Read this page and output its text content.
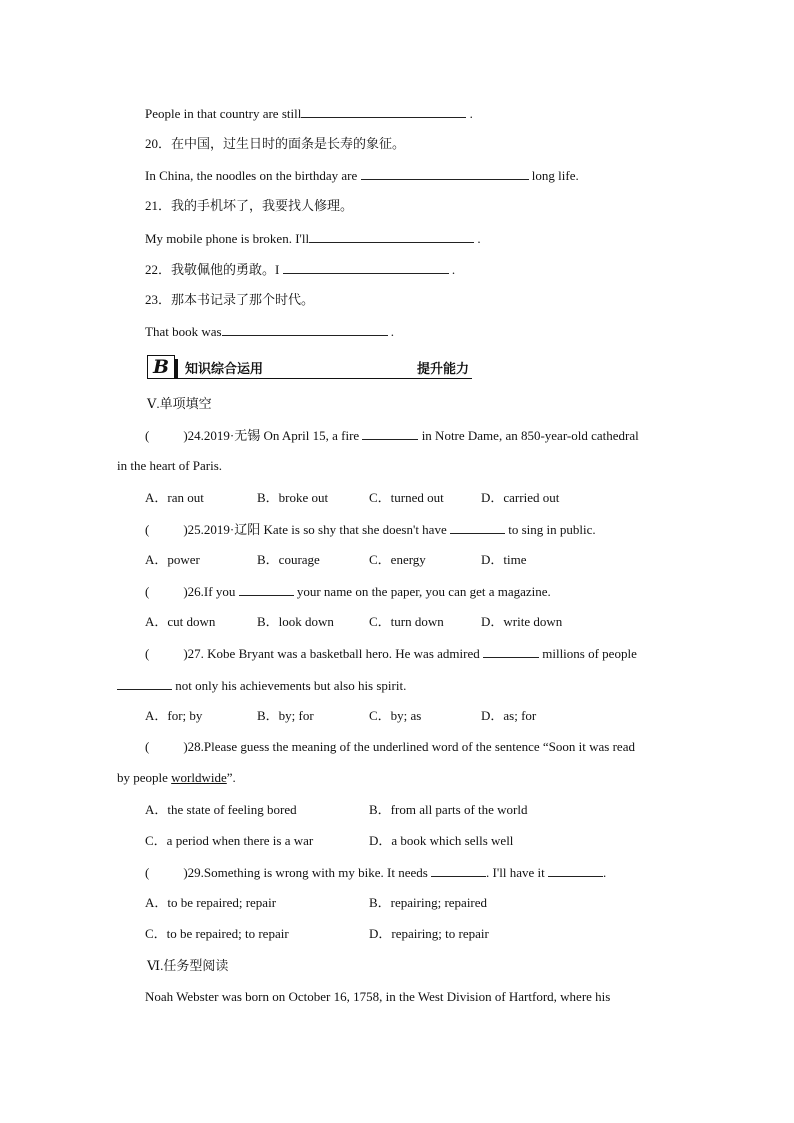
People in that country are still	.
20．在中国，过生日时的面条是长寿的象征。
In China, the noodles on the birthday are	long life.
21．我的手机坏了，我要找人修理。
My mobile phone is broken. I'll	.
22．我敬佩他的勇敢。I	.
23．那本书记录了那个时代。
That book was	.
B	知识综合运用	提升能力
Ⅴ.单项填空
(	)24.2019·无锡 On April 15, a fire	in Notre Dame, an 850-year-old cathedral
in the heart of Paris.
A．ran out	B．broke out	C．turned out	D．carried out
(	)25.2019·辽阳 Kate is so shy that she doesn't have	to sing in public.
A．power	B．courage	C．energy	D．time
(	)26.If you	your name on the paper, you can get a magazine.
A．cut down	B．look down	C．turn down	D．write down
(	)27. Kobe Bryant was a basketball hero. He was admired	millions of people
not only his achievements but also his spirit.
A．for; by	B．by; for	C．by; as	D．as; for
(	)28.Please guess the meaning of the underlined word of the sentence “Soon it was read
by people worldwide”.
A．the state of feeling bored	B．from all parts of the world
C．a period when there is a war	D．a book which sells well
(	)29.Something is wrong with my bike. It needs	. I'll have it	.
A．to be repaired; repair	B．repairing; repaired
C．to be repaired; to repair	D．repairing; to repair
Ⅵ.任务型阅读
Noah Webster was born on October 16, 1758, in the West Division of Hartford, where his
